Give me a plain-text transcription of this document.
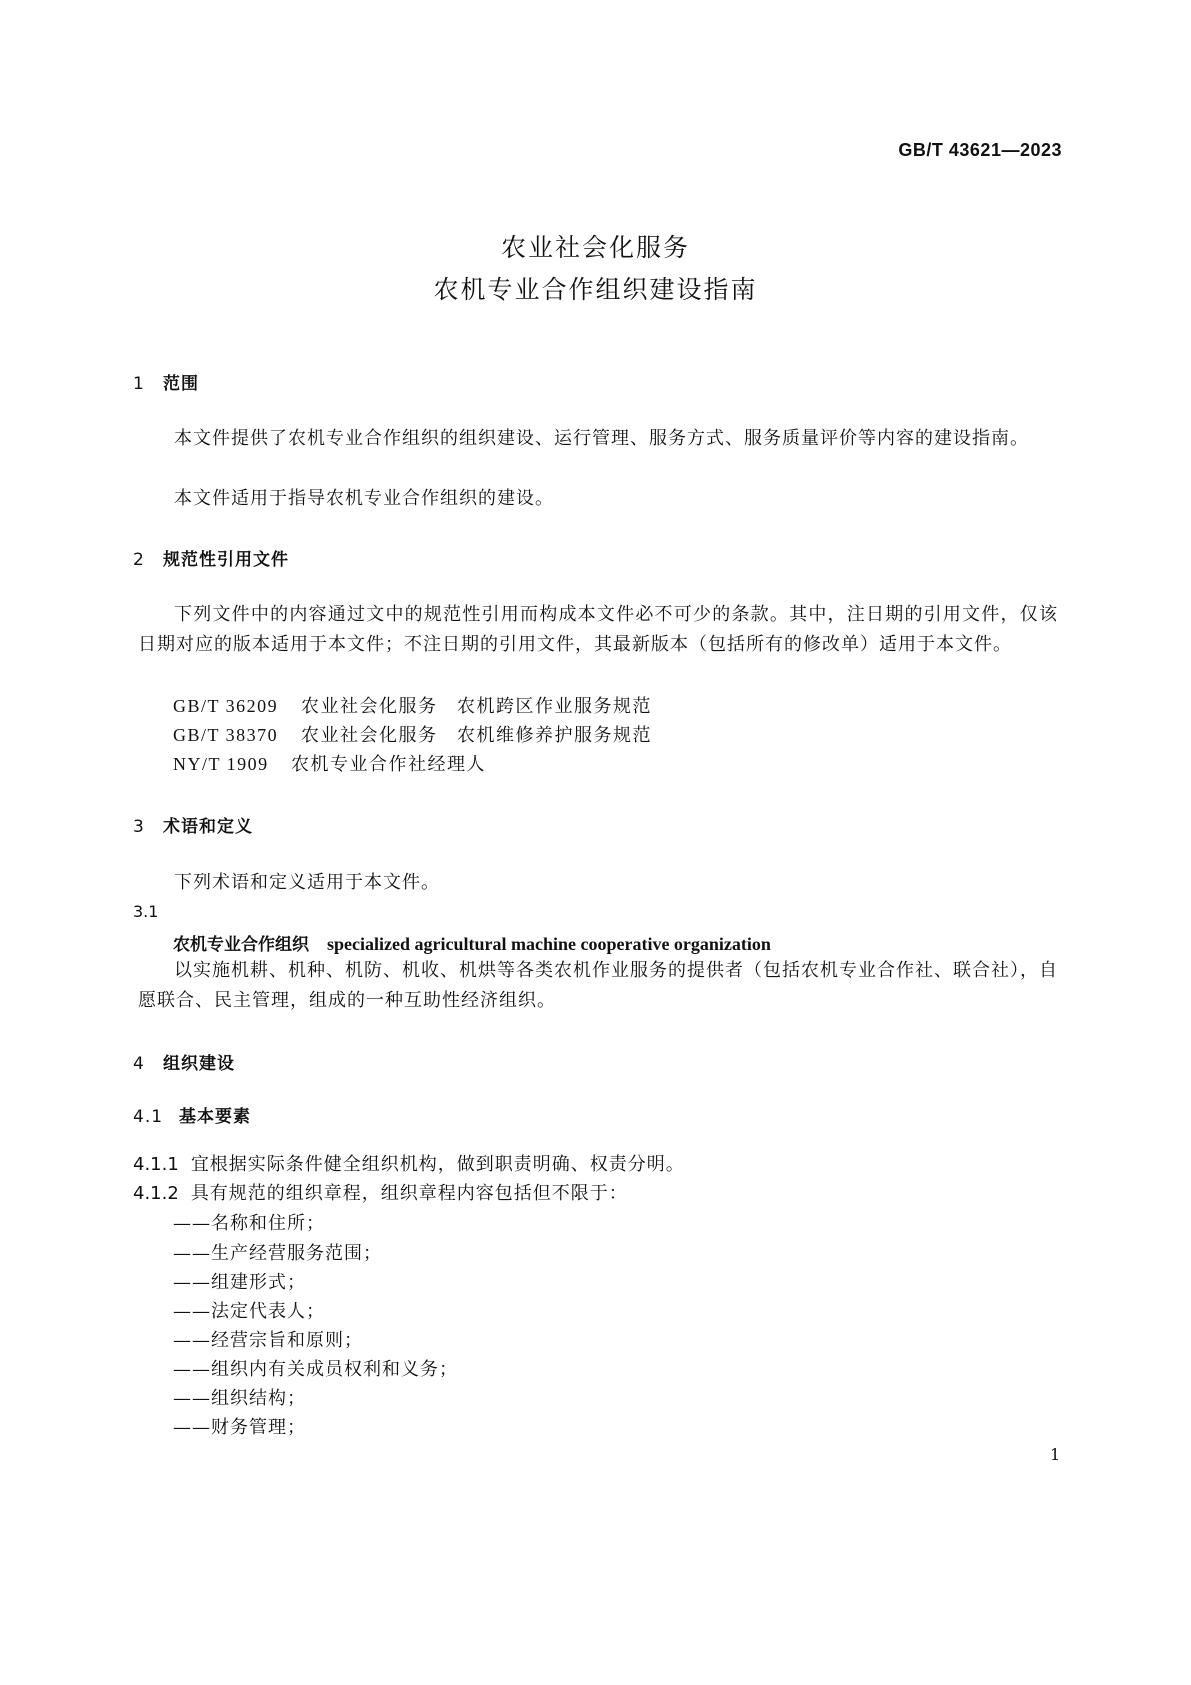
GB/T 43621—2023
农业社会化服务
农机专业合作组织建设指南
1 范围
本文件提供了农机专业合作组织的组织建设、运行管理、服务方式、服务质量评价等内容的建设指南。
本文件适用于指导农机专业合作组织的建设。
2 规范性引用文件
下列文件中的内容通过文中的规范性引用而构成本文件必不可少的条款。其中，注日期的引用文件，仅该日期对应的版本适用于本文件；不注日期的引用文件，其最新版本（包括所有的修改单）适用于本文件。
GB/T 36209 农业社会化服务　农机跨区作业服务规范
GB/T 38370 农业社会化服务　农机维修养护服务规范
NY/T 1909 农机专业合作社经理人
3 术语和定义
下列术语和定义适用于本文件。
3.1
农机专业合作组织 specialized agricultural machine cooperative organization
以实施机耕、机种、机防、机收、机烘等各类农机作业服务的提供者（包括农机专业合作社、联合社），自愿联合、民主管理，组成的一种互助性经济组织。
4 组织建设
4.1 基本要素
4.1.1 宜根据实际条件健全组织机构，做到职责明确、权责分明。
4.1.2 具有规范的组织章程，组织章程内容包括但不限于：
——名称和住所；
——生产经营服务范围；
——组建形式；
——法定代表人；
——经营宗旨和原则；
——组织内有关成员权利和义务；
——组织结构；
——财务管理；
1
